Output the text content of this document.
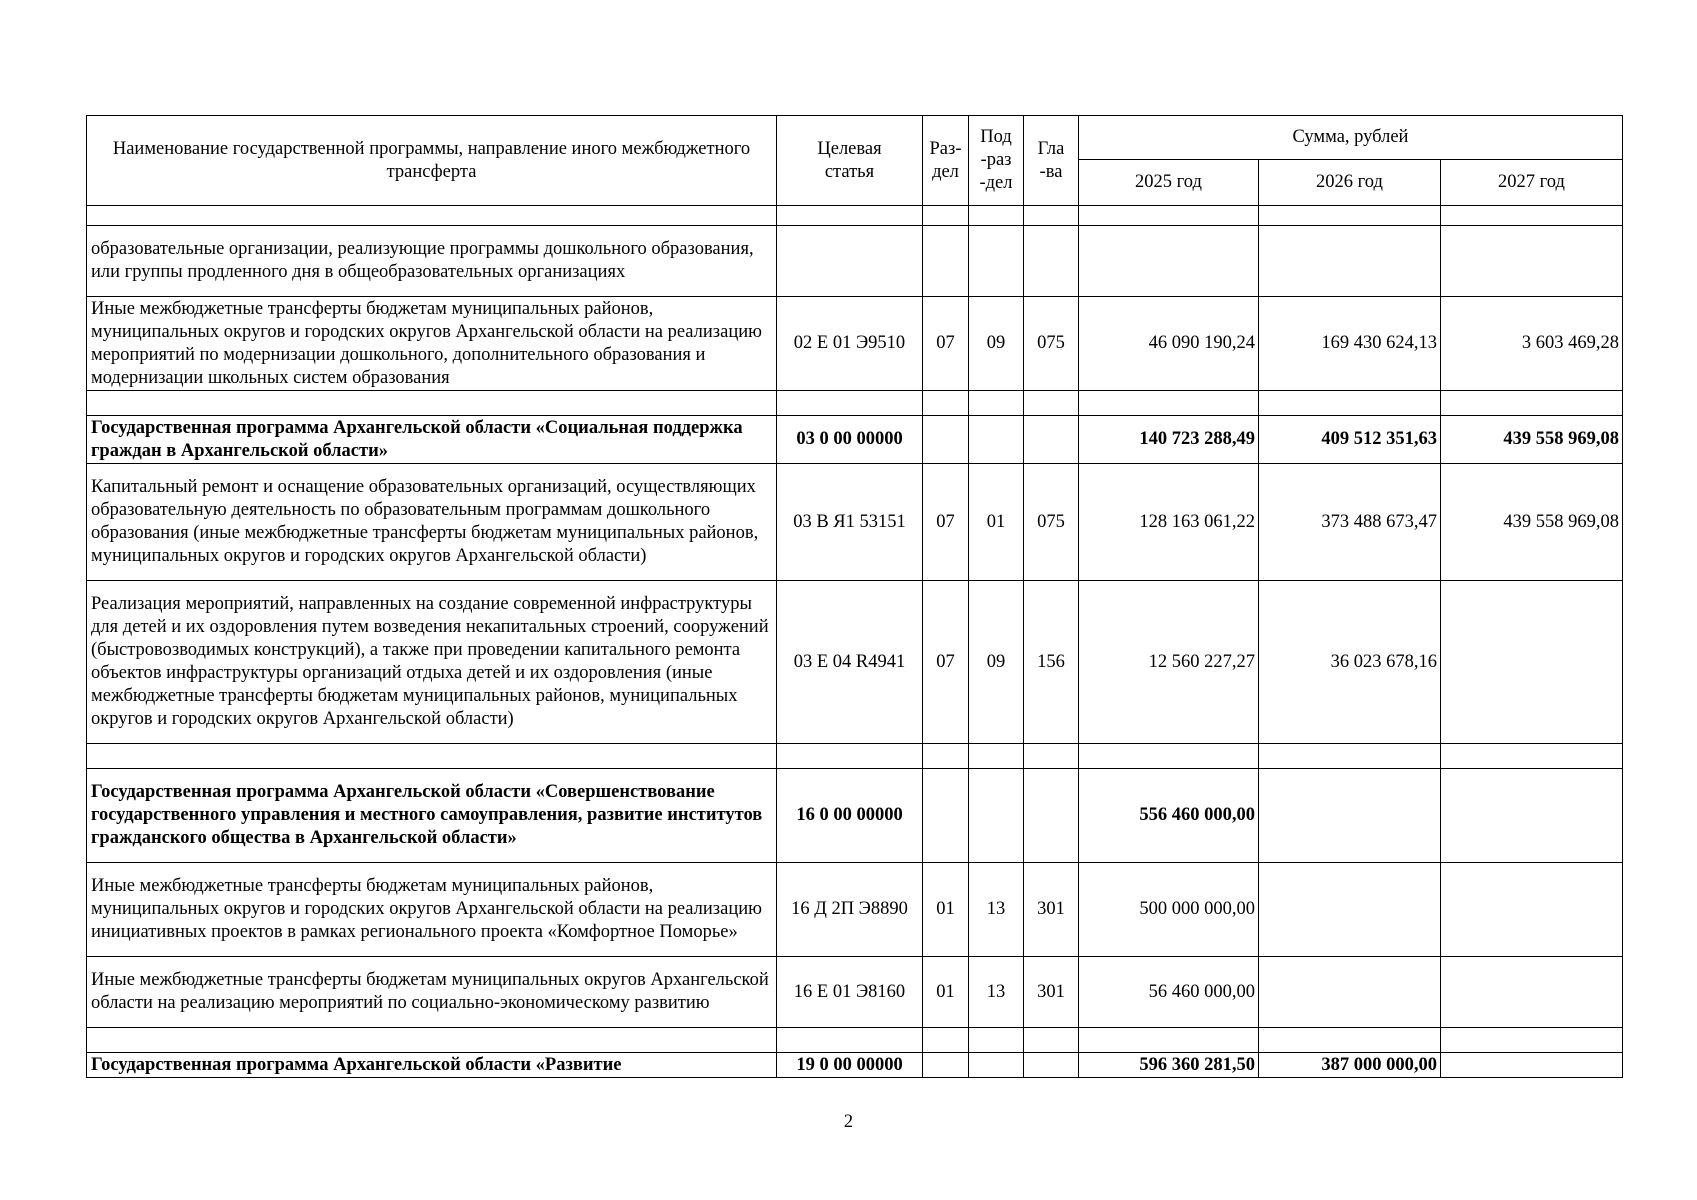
Наименование государственной программы, направление иного межбюджетного трансферта	Целевая статья	Раз-дел	Под-раз-дел	Гла-ва	Сумма, рублей		
					2025 год	2026 год	2027 год

образовательные организации, реализующие программы дошкольного образования, или группы продленного дня в общеобразовательных организациях							
Иные межбюджетные трансферты бюджетам муниципальных районов, муниципальных округов и городских округов Архангельской области на реализацию мероприятий по модернизации дошкольного, дополнительного образования и модернизации школьных систем образования	02 Е 01 Э9510	07	09	075	46 090 190,24	169 430 624,13	3 603 469,28

Государственная программа Архангельской области «Социальная поддержка граждан в Архангельской области»	03 0 00 00000				140 723 288,49	409 512 351,63	439 558 969,08
Капитальный ремонт и оснащение образовательных организаций, осуществляющих образовательную деятельность по образовательным программам дошкольного образования (иные межбюджетные трансферты бюджетам муниципальных районов, муниципальных округов и городских округов Архангельской области)	03 В Я1 53151	07	01	075	128 163 061,22	373 488 673,47	439 558 969,08
Реализация мероприятий, направленных на создание современной инфраструктуры для детей и их оздоровления путем возведения некапитальных строений, сооружений (быстровозводимых конструкций), а также при проведении капитального ремонта объектов инфраструктуры организаций отдыха детей и их оздоровления (иные межбюджетные трансферты бюджетам муниципальных районов, муниципальных округов и городских округов Архангельской области)	03 Е 04 R4941	07	09	156	12 560 227,27	36 023 678,16	

Государственная программа Архангельской области «Совершенствование государственного управления и местного самоуправления, развитие институтов гражданского общества в Архангельской области»	16 0 00 00000				556 460 000,00		
Иные межбюджетные трансферты бюджетам муниципальных районов, муниципальных округов и городских округов Архангельской области на реализацию инициативных проектов в рамках регионального проекта «Комфортное Поморье»	16 Д 2П Э8890	01	13	301	500 000 000,00		
Иные межбюджетные трансферты бюджетам муниципальных округов Архангельской области на реализацию мероприятий по социально-экономическому развитию	16 Е 01 Э8160	01	13	301	56 460 000,00		

Государственная программа Архангельской области «Развитие	19 0 00 00000				596 360 281,50	387 000 000,00	
2
